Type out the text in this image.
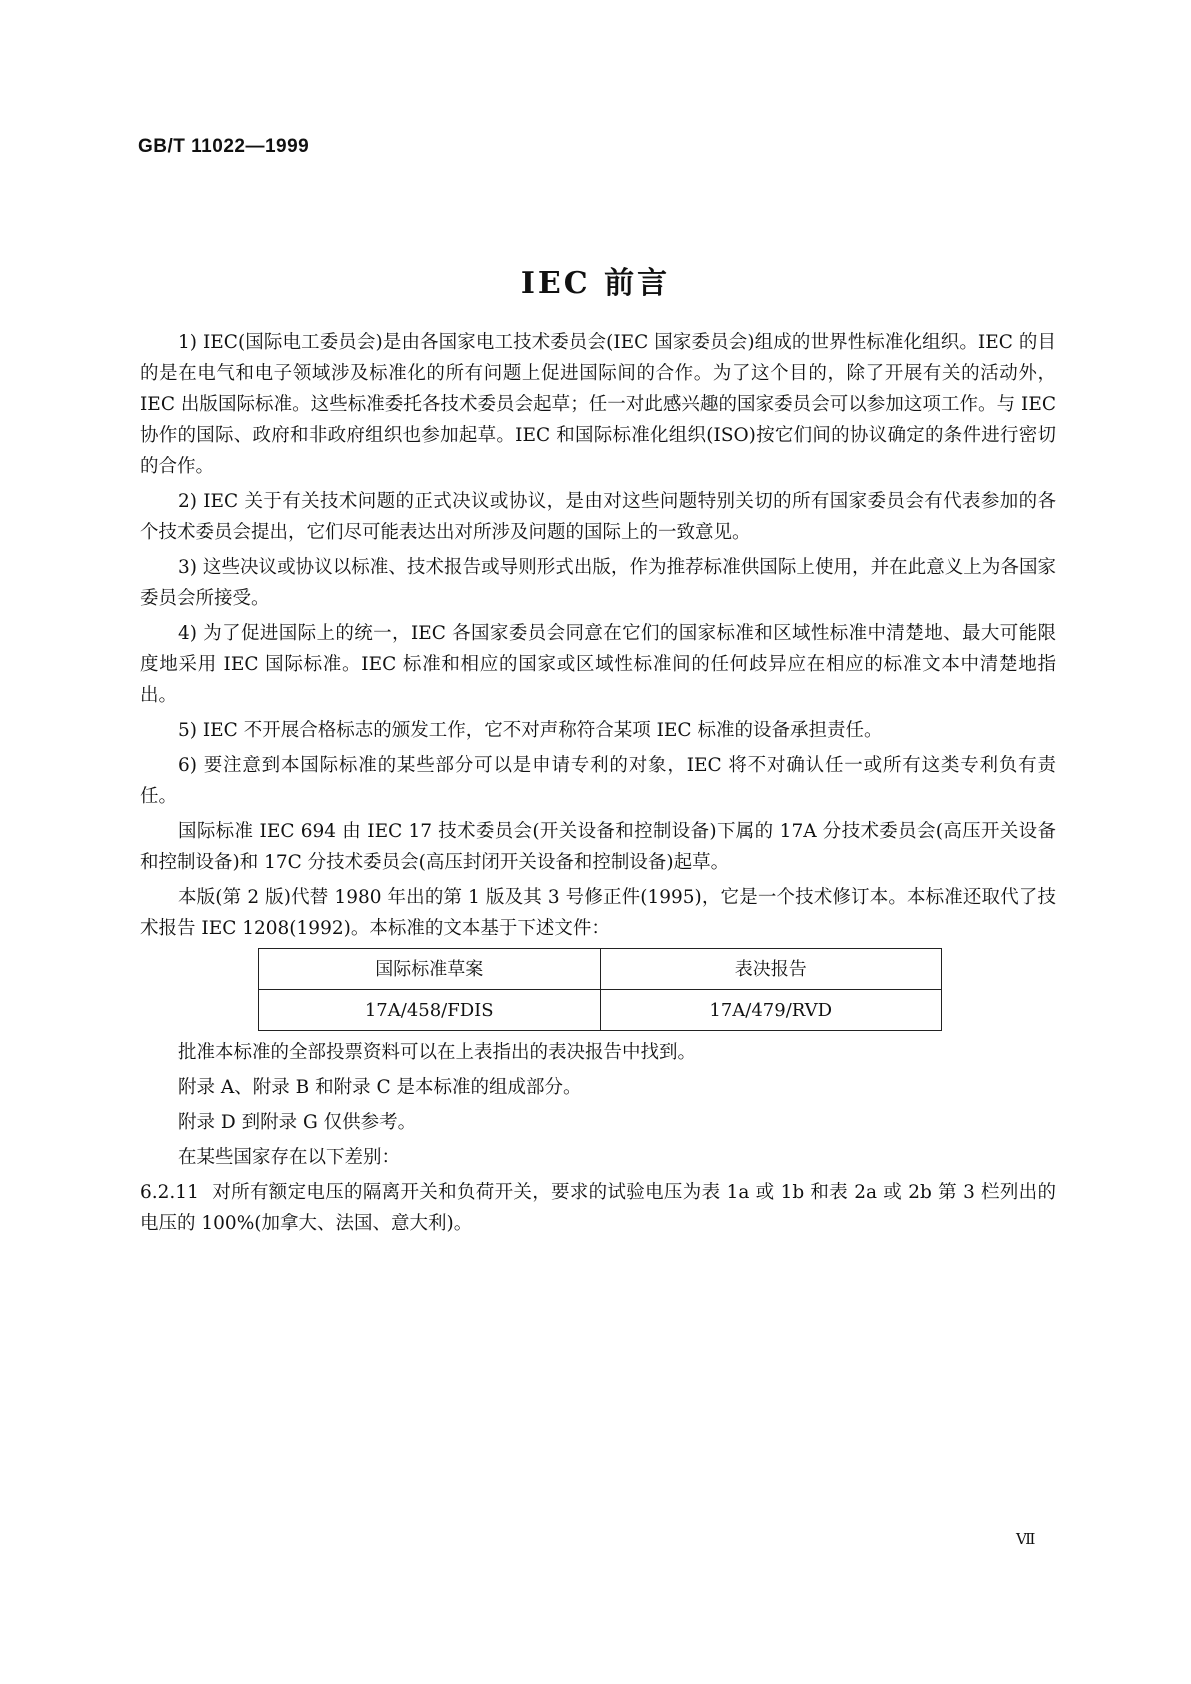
GB/T 11022—1999
IEC 前言

1) IEC(国际电工委员会)是由各国家电工技术委员会(IEC 国家委员会)组成的世界性标准化组织。IEC 的目的是在电气和电子领域涉及标准化的所有问题上促进国际间的合作。为了这个目的，除了开展有关的活动外，IEC 出版国际标准。这些标准委托各技术委员会起草；任一对此感兴趣的国家委员会可以参加这项工作。与 IEC 协作的国际、政府和非政府组织也参加起草。IEC 和国际标准化组织(ISO)按它们间的协议确定的条件进行密切的合作。

2) IEC 关于有关技术问题的正式决议或协议，是由对这些问题特别关切的所有国家委员会有代表参加的各个技术委员会提出，它们尽可能表达出对所涉及问题的国际上的一致意见。

3) 这些决议或协议以标准、技术报告或导则形式出版，作为推荐标准供国际上使用，并在此意义上为各国家委员会所接受。

4) 为了促进国际上的统一，IEC 各国家委员会同意在它们的国家标准和区域性标准中清楚地、最大可能限度地采用 IEC 国际标准。IEC 标准和相应的国家或区域性标准间的任何歧异应在相应的标准文本中清楚地指出。

5) IEC 不开展合格标志的颁发工作，它不对声称符合某项 IEC 标准的设备承担责任。

6) 要注意到本国际标准的某些部分可以是申请专利的对象，IEC 将不对确认任一或所有这类专利负有责任。

国际标准 IEC 694 由 IEC 17 技术委员会(开关设备和控制设备)下属的 17A 分技术委员会(高压开关设备和控制设备)和 17C 分技术委员会(高压封闭开关设备和控制设备)起草。

本版(第 2 版)代替 1980 年出的第 1 版及其 3 号修正件(1995)，它是一个技术修订本。本标准还取代了技术报告 IEC 1208(1992)。本标准的文本基于下述文件：

国际标准草案	表决报告
17A/458/FDIS	17A/479/RVD

批准本标准的全部投票资料可以在上表指出的表决报告中找到。

附录 A、附录 B 和附录 C 是本标准的组成部分。

附录 D 到附录 G 仅供参考。

在某些国家存在以下差别：

6.2.11 对所有额定电压的隔离开关和负荷开关，要求的试验电压为表 1a 或 1b 和表 2a 或 2b 第 3 栏列出的电压的 100%(加拿大、法国、意大利)。

Ⅶ
